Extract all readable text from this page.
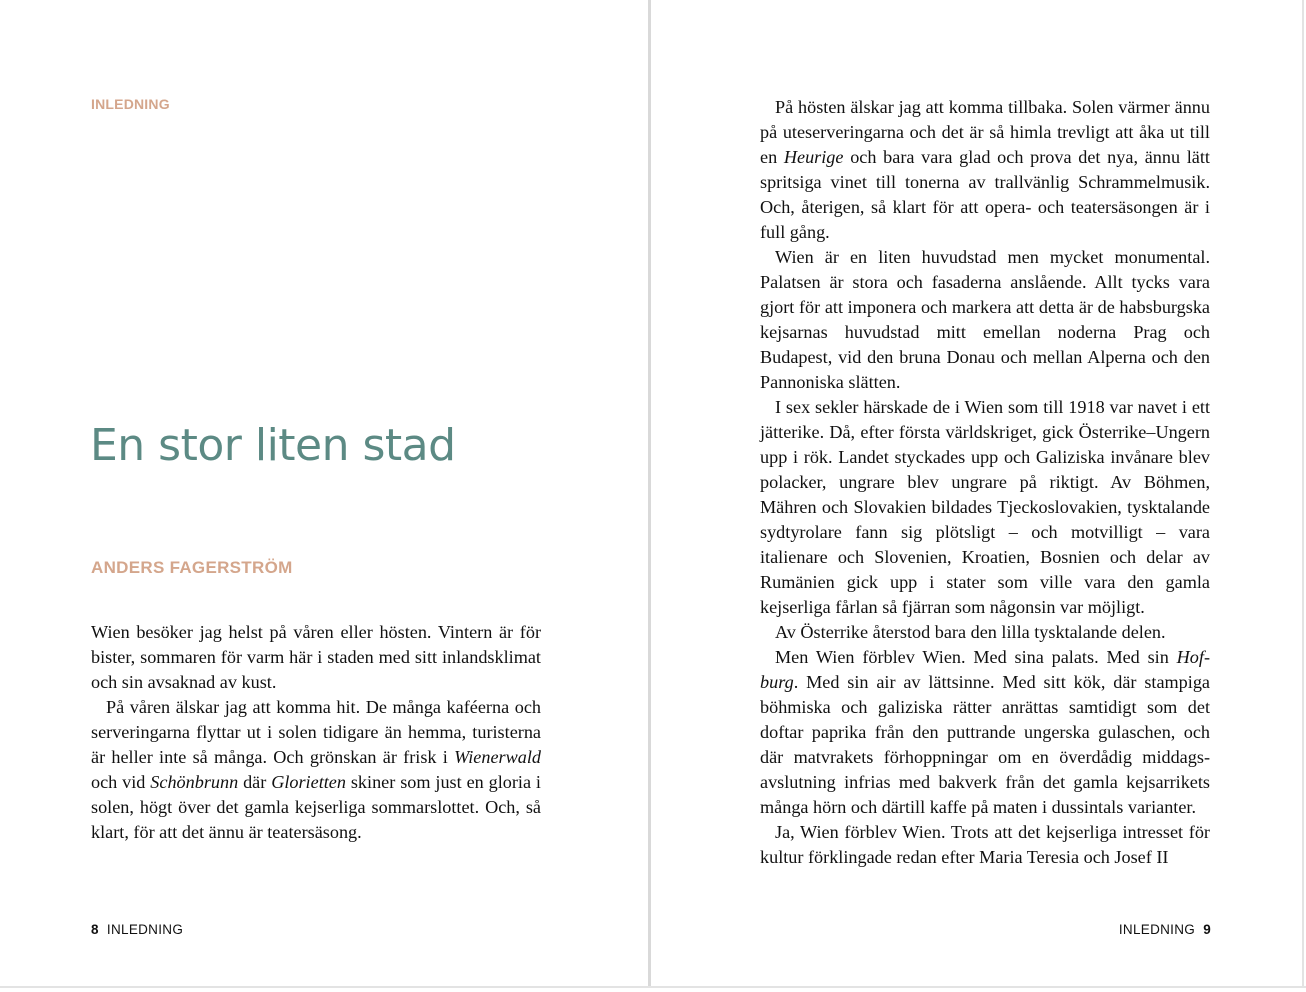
INLEDNING
En stor liten stad
ANDERS FAGERSTRÖM

Wien besöker jag helst på våren eller hösten. Vintern är för bister, sommaren för varm här i staden med sitt inlandsklimat och sin avsaknad av kust.

På våren älskar jag att komma hit. De många kaféerna och serveringarna flyttar ut i solen tidigare än hemma, turisterna är heller inte så många. Och grönskan är frisk i Wienerwald och vid Schönbrunn där Glorietten skiner som just en gloria i solen, högt över det gamla kejserliga sommarslottet. Och, så klart, för att det ännu är teatersäsong.

8 INLEDNING

På hösten älskar jag att komma tillbaka. Solen värmer ännu på uteserveringarna och det är så himla trevligt att åka ut till en Heurige och bara vara glad och prova det nya, ännu lätt spritsiga vinet till tonerna av trallvänlig Schrammelmusik. Och, återigen, så klart för att opera- och teatersäsongen är i full gång.

Wien är en liten huvudstad men mycket monumental. Palatsen är stora och fasaderna anslående. Allt tycks vara gjort för att imponera och markera att detta är de habsburgska kejsarnas huvudstad mitt emellan noderna Prag och Budapest, vid den bruna Donau och mellan Alperna och den Pannoniska slätten.

I sex sekler härskade de i Wien som till 1918 var navet i ett jätterike. Då, efter första världskriget, gick Österrike–Ungern upp i rök. Landet styckades upp och Galiziska invånare blev polacker, ungrare blev ungrare på riktigt. Av Böhmen, Mähren och Slovakien bildades Tjeckoslovakien, tysktalande sydtyrolare fann sig plötsligt – och motvilligt – vara italienare och Slovenien, Kroatien, Bosnien och delar av Rumänien gick upp i stater som ville vara den gamla kejserliga fårlan så fjärran som någonsin var möjligt.

Av Österrike återstod bara den lilla tysktalande delen.

Men Wien förblev Wien. Med sina palats. Med sin Hofburg. Med sin air av lättsinne. Med sitt kök, där stampiga böhmiska och galiziska rätter anrättas samtidigt som det doftar paprika från den puttrande ungerska gulaschen, och där matvrakets förhoppningar om en överdådig middagsavslutning infrias med bakverk från det gamla kejsarrikets många hörn och därtill kaffe på maten i dussintals varianter.

Ja, Wien förblev Wien. Trots att det kejserliga intresset för kultur förklingade redan efter Maria Teresia och Josef II

INLEDNING 9
